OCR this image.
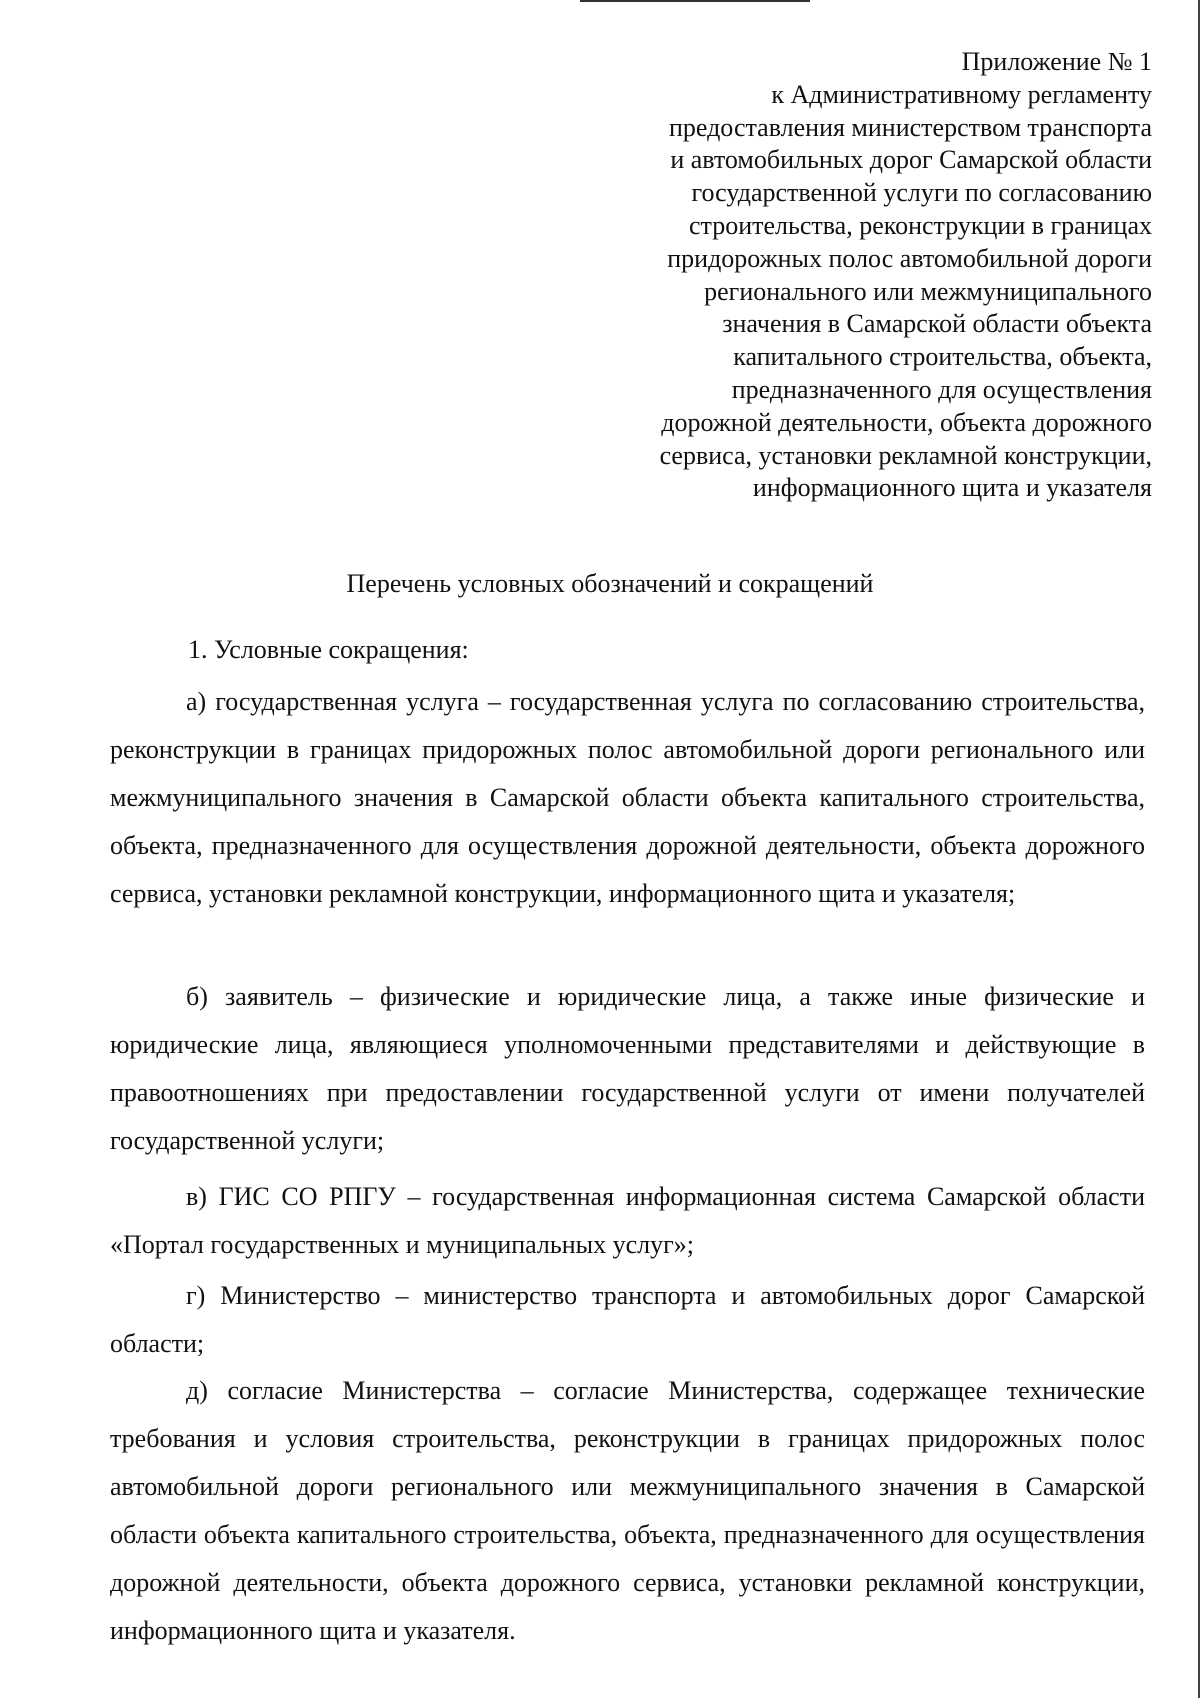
Приложение № 1
к Административному регламенту
предоставления министерством транспорта
и автомобильных дорог Самарской области
государственной услуги по согласованию
строительства, реконструкции в границах
придорожных полос автомобильной дороги
регионального или межмуниципального
значения в Самарской области объекта
капитального строительства, объекта,
предназначенного для осуществления
дорожной деятельности, объекта дорожного
сервиса, установки рекламной конструкции,
информационного щита и указателя
Перечень условных обозначений и сокращений
1. Условные сокращения:

а) государственная услуга – государственная услуга по согласованию строительства, реконструкции в границах придорожных полос автомобильной дороги регионального или межмуниципального значения в Самарской области объекта капитального строительства, объекта, предназначенного для осуществления дорожной деятельности, объекта дорожного сервиса, установки рекламной конструкции, информационного щита и указателя;

б) заявитель – физические и юридические лица, а также иные физические и юридические лица, являющиеся уполномоченными представителями и действующие в правоотношениях при предоставлении государственной услуги от имени получателей государственной услуги;

в) ГИС СО РПГУ – государственная информационная система Самарской области «Портал государственных и муниципальных услуг»;

г) Министерство – министерство транспорта и автомобильных дорог Самарской области;

д) согласие Министерства – согласие Министерства, содержащее технические требования и условия строительства, реконструкции в границах придорожных полос автомобильной дороги регионального или межмуниципального значения в Самарской области объекта капитального строительства, объекта, предназначенного для осуществления дорожной деятельности, объекта дорожного сервиса, установки рекламной конструкции, информационного щита и указателя.
